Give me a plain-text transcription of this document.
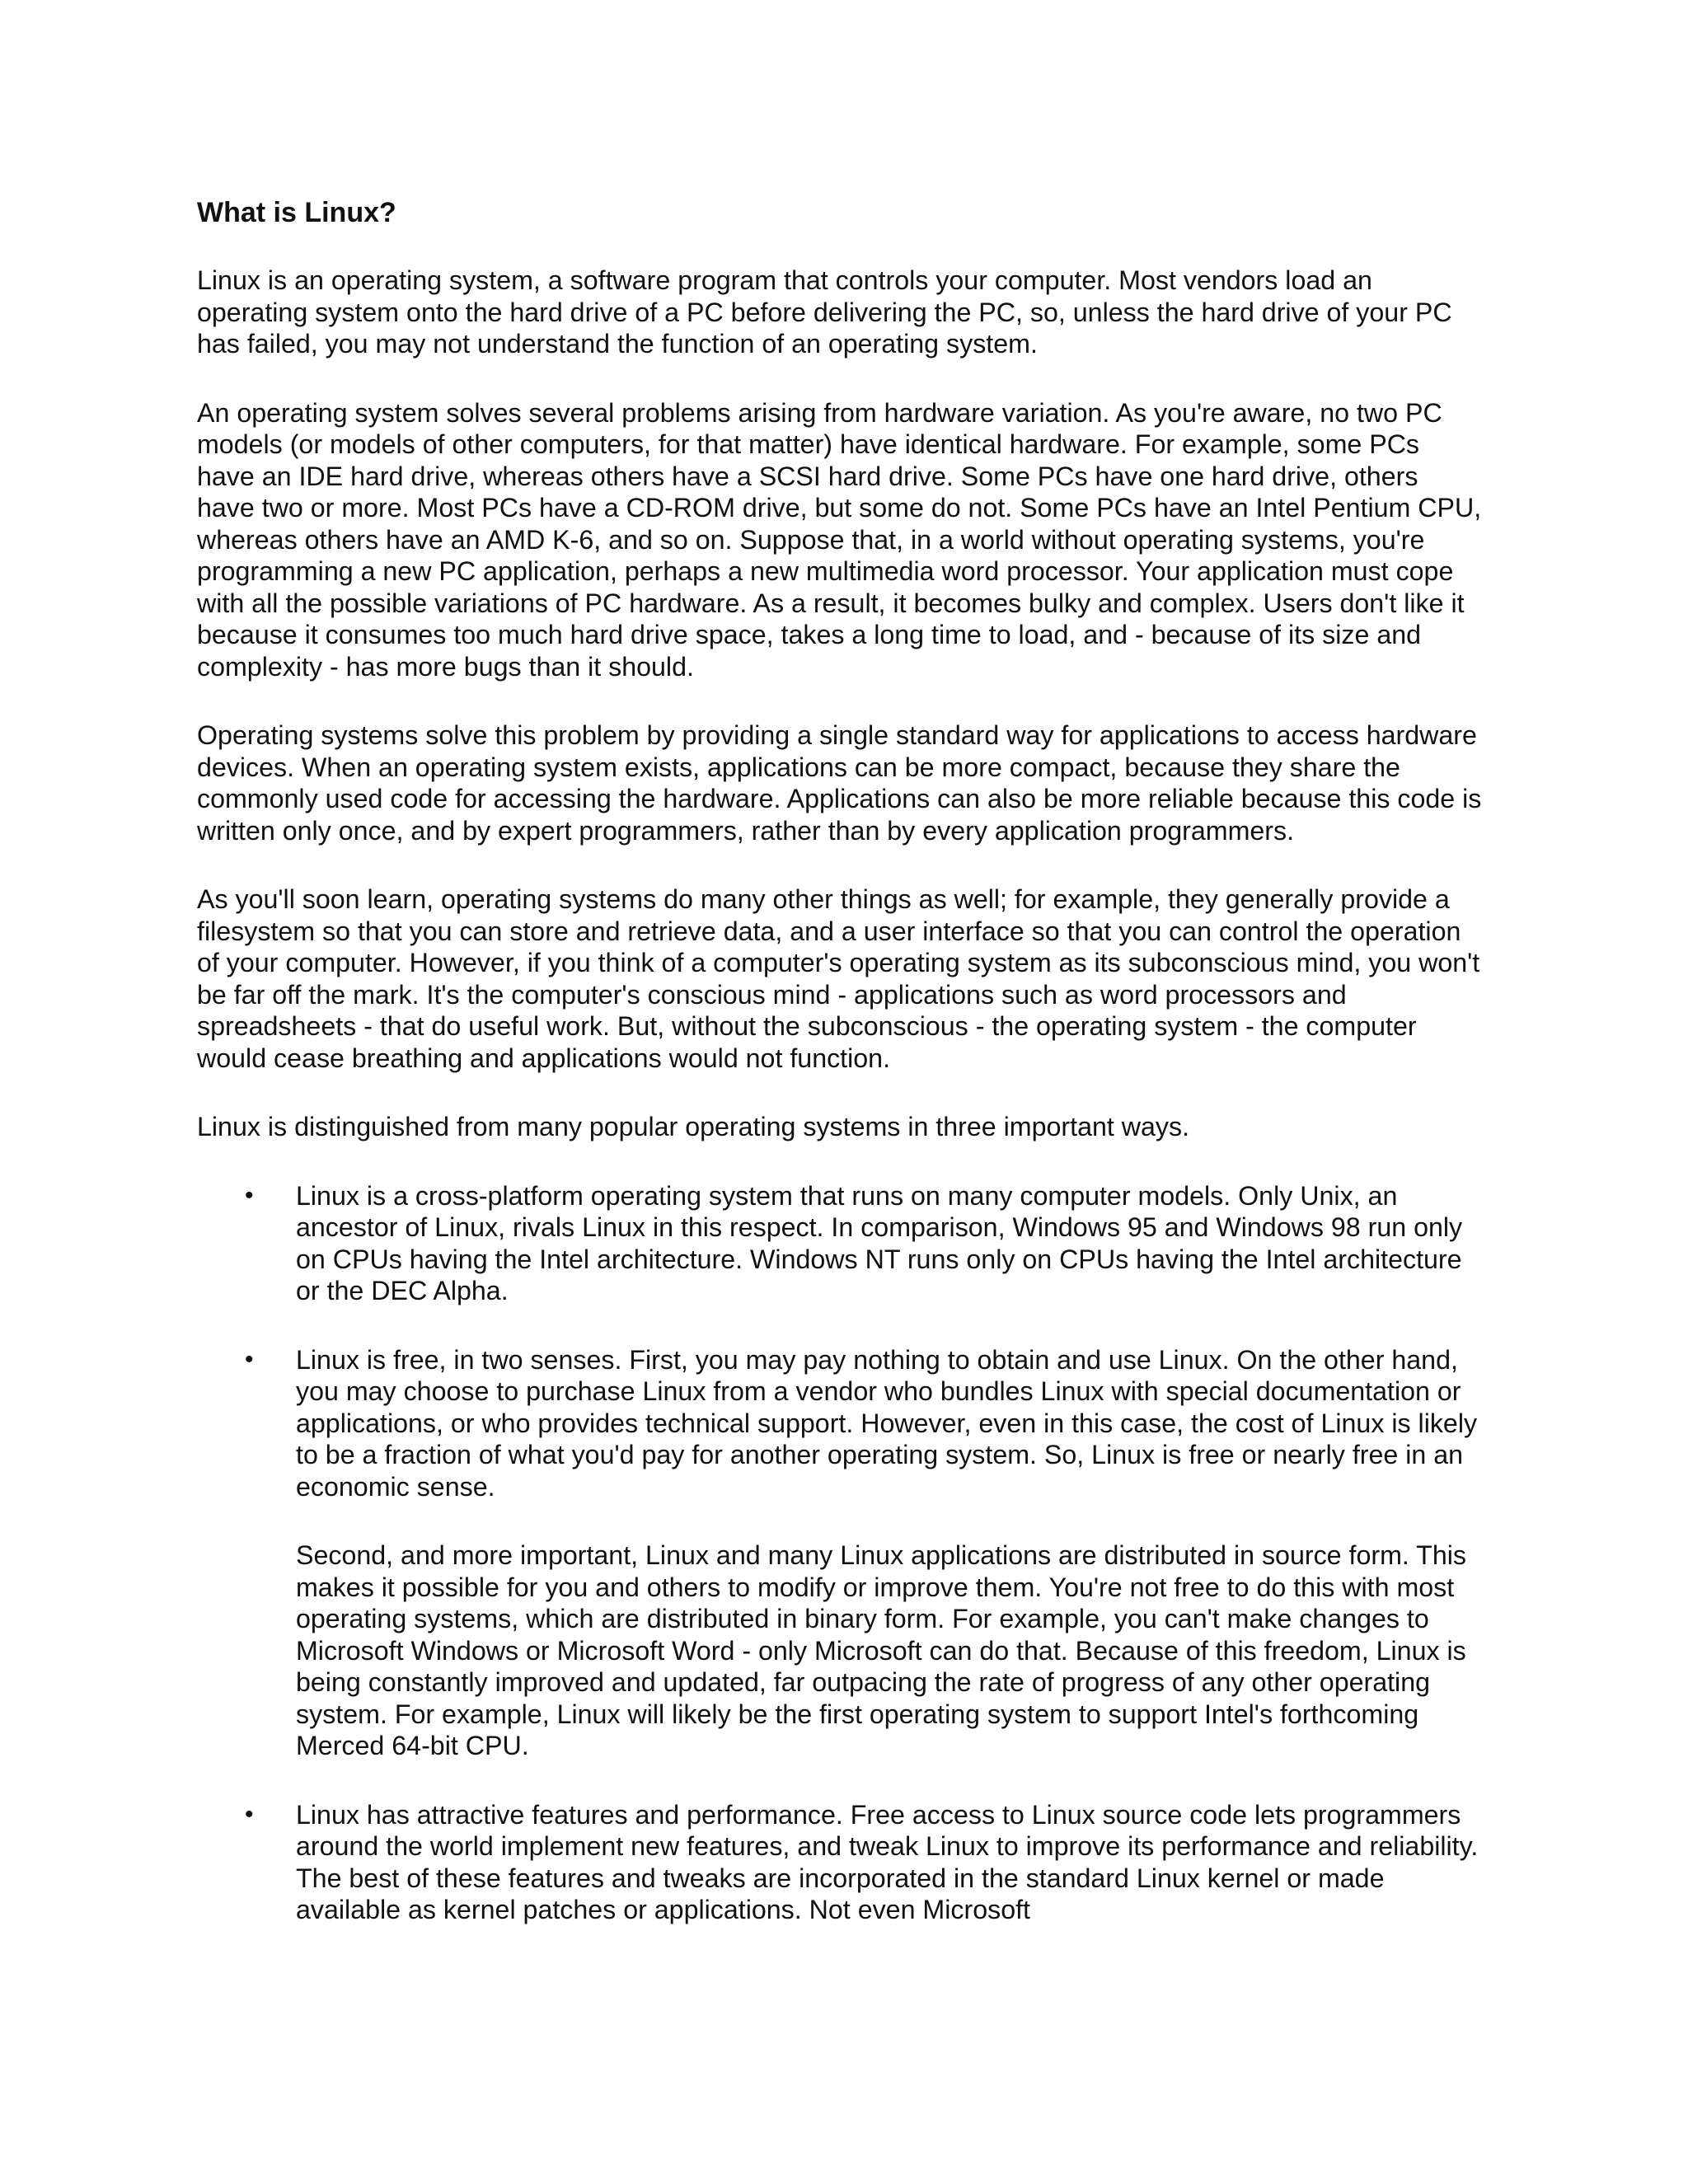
What is Linux?

Linux is an operating system, a software program that controls your computer. Most vendors load an operating system onto the hard drive of a PC before delivering the PC, so, unless the hard drive of your PC has failed, you may not understand the function of an operating system.

An operating system solves several problems arising from hardware variation. As you're aware, no two PC models (or models of other computers, for that matter) have identical hardware. For example, some PCs have an IDE hard drive, whereas others have a SCSI hard drive. Some PCs have one hard drive, others have two or more. Most PCs have a CD-ROM drive, but some do not. Some PCs have an Intel Pentium CPU, whereas others have an AMD K-6, and so on. Suppose that, in a world without operating systems, you're programming a new PC application, perhaps a new multimedia word processor. Your application must cope with all the possible variations of PC hardware. As a result, it becomes bulky and complex. Users don't like it because it consumes too much hard drive space, takes a long time to load, and - because of its size and complexity - has more bugs than it should.

Operating systems solve this problem by providing a single standard way for applications to access hardware devices. When an operating system exists, applications can be more compact, because they share the commonly used code for accessing the hardware. Applications can also be more reliable because this code is written only once, and by expert programmers, rather than by every application programmers.

As you'll soon learn, operating systems do many other things as well; for example, they generally provide a filesystem so that you can store and retrieve data, and a user interface so that you can control the operation of your computer. However, if you think of a computer's operating system as its subconscious mind, you won't be far off the mark. It's the computer's conscious mind - applications such as word processors and spreadsheets - that do useful work. But, without the subconscious - the operating system - the computer would cease breathing and applications would not function.

Linux is distinguished from many popular operating systems in three important ways.

• Linux is a cross-platform operating system that runs on many computer models. Only Unix, an ancestor of Linux, rivals Linux in this respect. In comparison, Windows 95 and Windows 98 run only on CPUs having the Intel architecture. Windows NT runs only on CPUs having the Intel architecture or the DEC Alpha.

• Linux is free, in two senses. First, you may pay nothing to obtain and use Linux. On the other hand, you may choose to purchase Linux from a vendor who bundles Linux with special documentation or applications, or who provides technical support. However, even in this case, the cost of Linux is likely to be a fraction of what you'd pay for another operating system. So, Linux is free or nearly free in an economic sense.

Second, and more important, Linux and many Linux applications are distributed in source form. This makes it possible for you and others to modify or improve them. You're not free to do this with most operating systems, which are distributed in binary form. For example, you can't make changes to Microsoft Windows or Microsoft Word - only Microsoft can do that. Because of this freedom, Linux is being constantly improved and updated, far outpacing the rate of progress of any other operating system. For example, Linux will likely be the first operating system to support Intel's forthcoming Merced 64-bit CPU.

• Linux has attractive features and performance. Free access to Linux source code lets programmers around the world implement new features, and tweak Linux to improve its performance and reliability. The best of these features and tweaks are incorporated in the standard Linux kernel or made available as kernel patches or applications. Not even Microsoft
